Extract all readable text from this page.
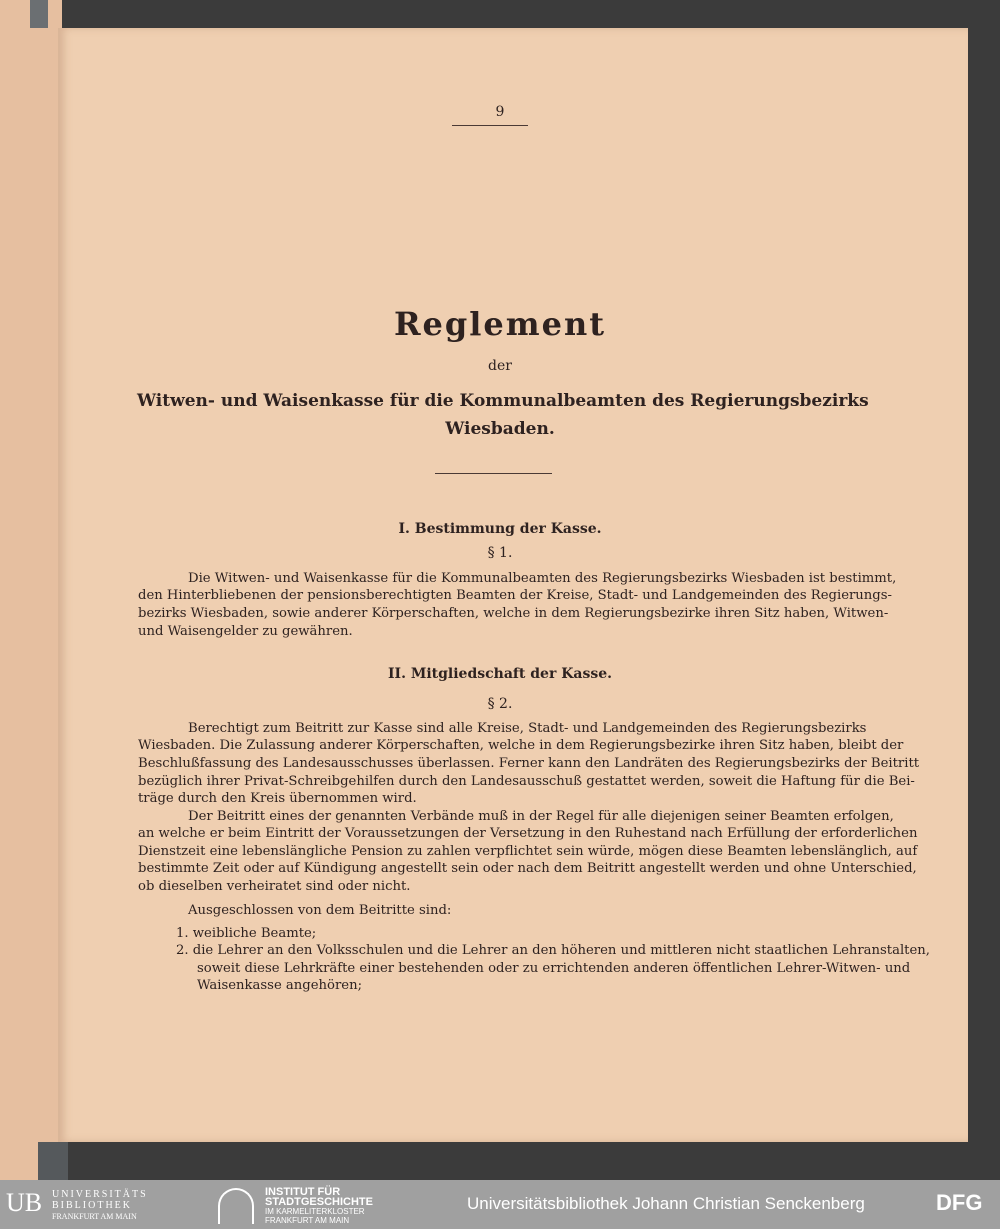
9
Reglement
der
Witwen- und Waisenkasse für die Kommunalbeamten des Regierungsbezirks
Wiesbaden.
I. Bestimmung der Kasse.
§ 1.
Die Witwen- und Waisenkasse für die Kommunalbeamten des Regierungsbezirks Wiesbaden ist bestimmt,
den Hinterbliebenen der pensionsberechtigten Beamten der Kreise, Stadt- und Landgemeinden des Regierungs-
bezirks Wiesbaden, sowie anderer Körperschaften, welche in dem Regierungsbezirke ihren Sitz haben, Witwen-
und Waisengelder zu gewähren.
II. Mitgliedschaft der Kasse.
§ 2.
Berechtigt zum Beitritt zur Kasse sind alle Kreise, Stadt- und Landgemeinden des Regierungsbezirks
Wiesbaden. Die Zulassung anderer Körperschaften, welche in dem Regierungsbezirke ihren Sitz haben, bleibt der
Beschlußfassung des Landesausschusses überlassen. Ferner kann den Landräten des Regierungsbezirks der Beitritt
bezüglich ihrer Privat-Schreibgehilfen durch den Landesausschuß gestattet werden, soweit die Haftung für die Bei-
träge durch den Kreis übernommen wird.
Der Beitritt eines der genannten Verbände muß in der Regel für alle diejenigen seiner Beamten erfolgen,
an welche er beim Eintritt der Voraussetzungen der Versetzung in den Ruhestand nach Erfüllung der erforderlichen
Dienstzeit eine lebenslängliche Pension zu zahlen verpflichtet sein würde, mögen diese Beamten lebenslänglich, auf
bestimmte Zeit oder auf Kündigung angestellt sein oder nach dem Beitritt angestellt werden und ohne Unterschied,
ob dieselben verheiratet sind oder nicht.
Ausgeschlossen von dem Beitritte sind:
1. weibliche Beamte;
2. die Lehrer an den Volksschulen und die Lehrer an den höheren und mittleren nicht staatlichen Lehranstalten,
soweit diese Lehrkräfte einer bestehenden oder zu errichtenden anderen öffentlichen Lehrer-Witwen- und
Waisenkasse angehören;
UB UNIVERSITÄTS
BIBLIOTHEK
FRANKFURT AM MAIN
INSTITUT FÜR
STADTGESCHICHTE
IM KARMELITERKLOSTER
FRANKFURT AM MAIN
Universitätsbibliothek Johann Christian Senckenberg	DFG
